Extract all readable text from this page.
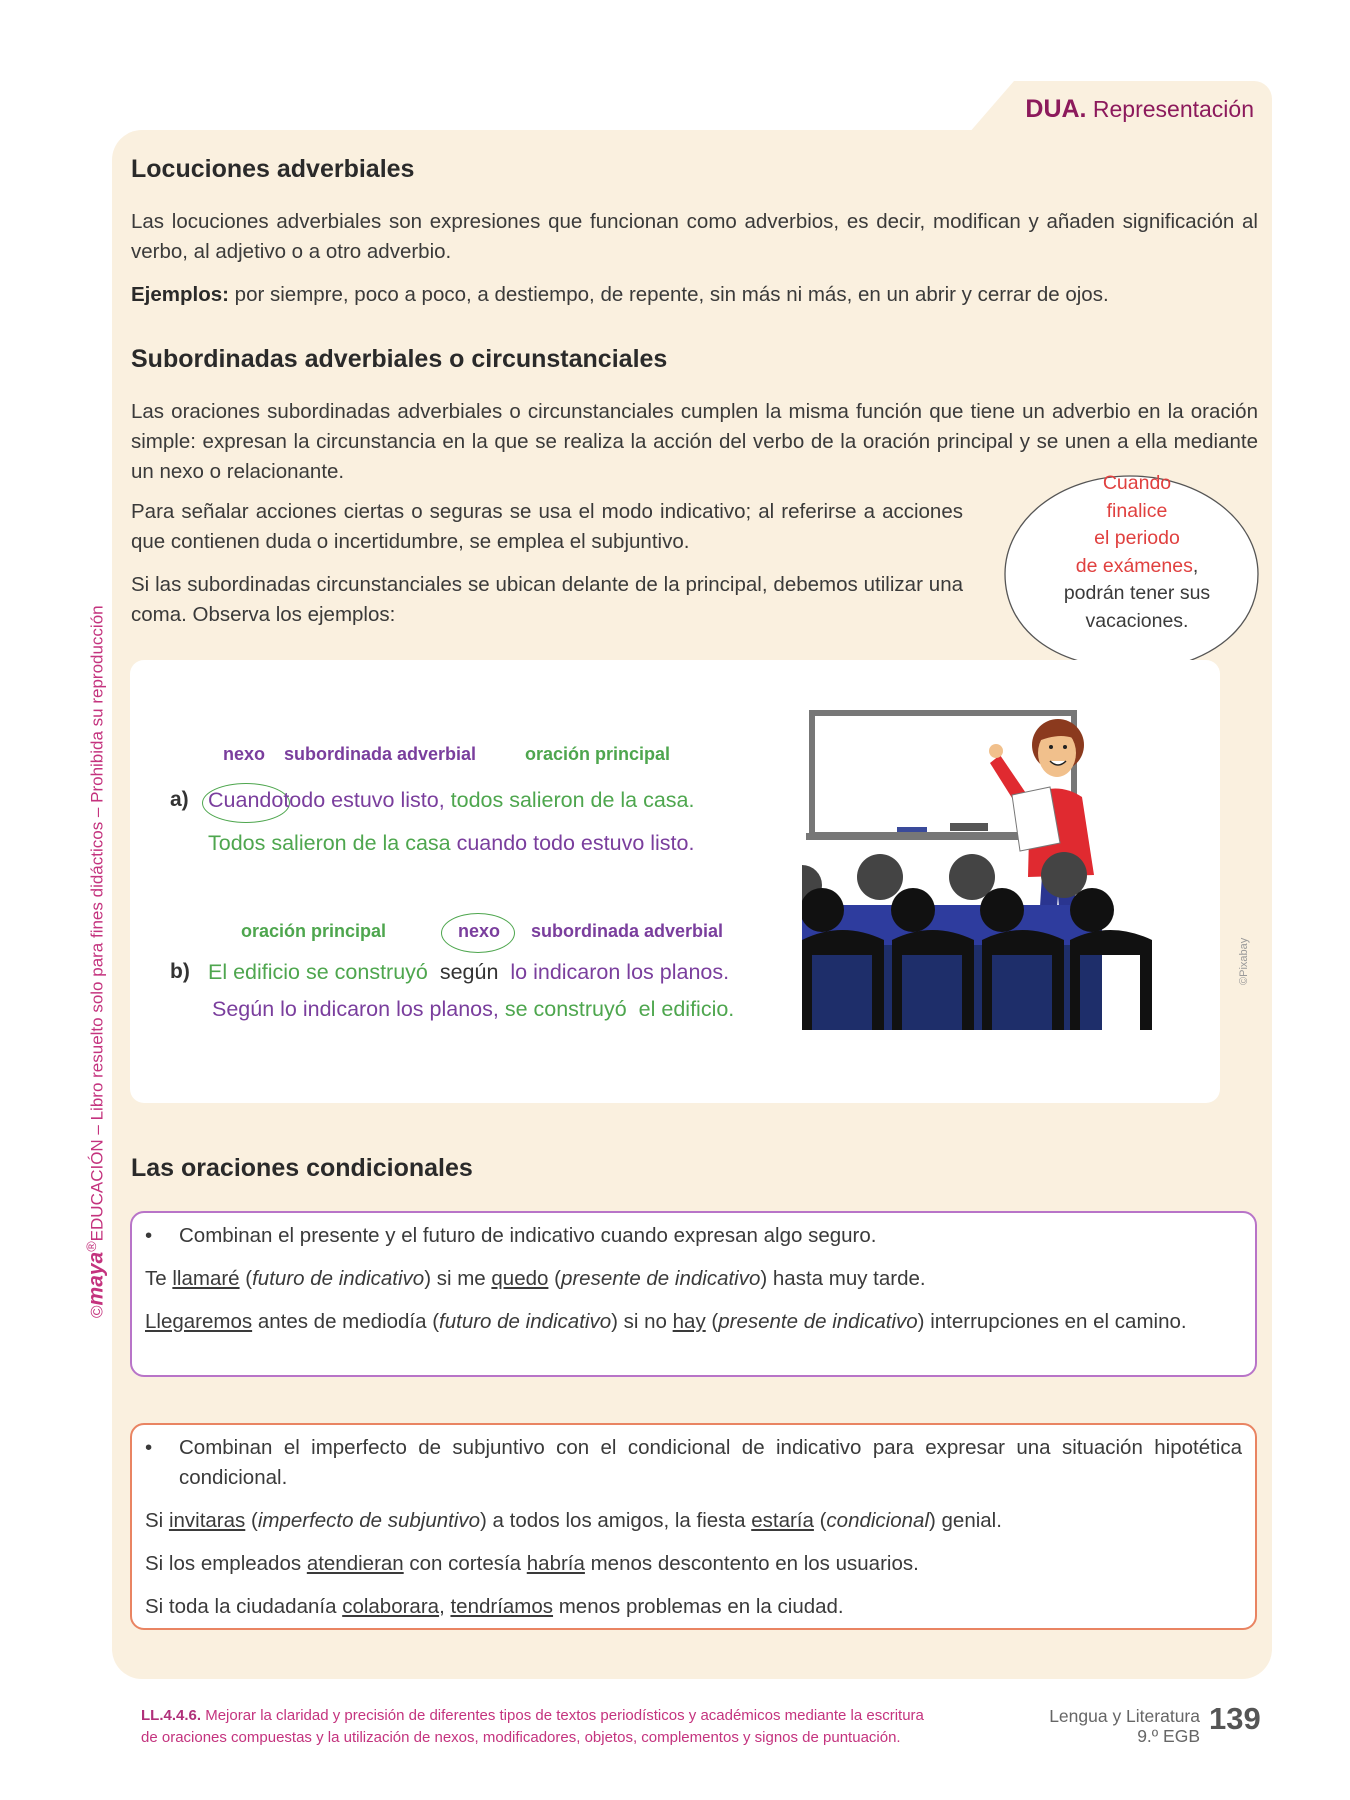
DUA. Representación
Locuciones adverbiales
Las locuciones adverbiales son expresiones que funcionan como adverbios, es decir, modifican y añaden significación al verbo, al adjetivo o a otro adverbio.
Ejemplos: por siempre, poco a poco, a destiempo, de repente, sin más ni más, en un abrir y cerrar de ojos.
Subordinadas adverbiales o circunstanciales
Las oraciones subordinadas adverbiales o circunstanciales cumplen la misma función que tiene un adverbio en la oración simple: expresan la circunstancia en la que se realiza la acción del verbo de la oración principal y se unen a ella mediante un nexo o relacionante.
Para señalar acciones ciertas o seguras se usa el modo indicativo; al referirse a acciones que contienen duda o incertidumbre, se emplea el subjuntivo.
Si las subordinadas circunstanciales se ubican delante de la principal, debemos utilizar una coma. Observa los ejemplos:
Cuando
finalice
el periodo
de exámenes,
podrán tener sus
vacaciones.
nexo subordinada adverbial	oración principal
a) Cuandotodo estuvo listo, todos salieron de la casa.
Todos salieron de la casa cuando todo estuvo listo.
oración principal	nexo subordinada adverbial
b) El edificio se construyó  según  lo indicaron los planos.
Según lo indicaron los planos, se construyó  el edificio.
©Pixabay
Las oraciones condicionales
•	Combinan el presente y el futuro de indicativo cuando expresan algo seguro.
Te llamaré (futuro de indicativo) si me quedo (presente de indicativo) hasta muy tarde.
Llegaremos antes de mediodía (futuro de indicativo) si no hay (presente de indicativo) interrupciones en el camino.
•	Combinan el imperfecto de subjuntivo con el condicional de indicativo para expresar una situación hipotética condicional.
Si invitaras (imperfecto de subjuntivo) a todos los amigos, la fiesta estaría (condicional) genial.
Si los empleados atendieran con cortesía habría menos descontento en los usuarios.
Si toda la ciudadanía colaborara, tendríamos menos problemas en la ciudad.
©maya®EDUCACIÓN – Libro resuelto solo para fines didácticos – Prohibida su reproducción
LL.4.4.6. Mejorar la claridad y precisión de diferentes tipos de textos periodísticos y académicos mediante la escritura
de oraciones compuestas y la utilización de nexos, modificadores, objetos, complementos y signos de puntuación.
Lengua y Literatura
9.º EGB 139
